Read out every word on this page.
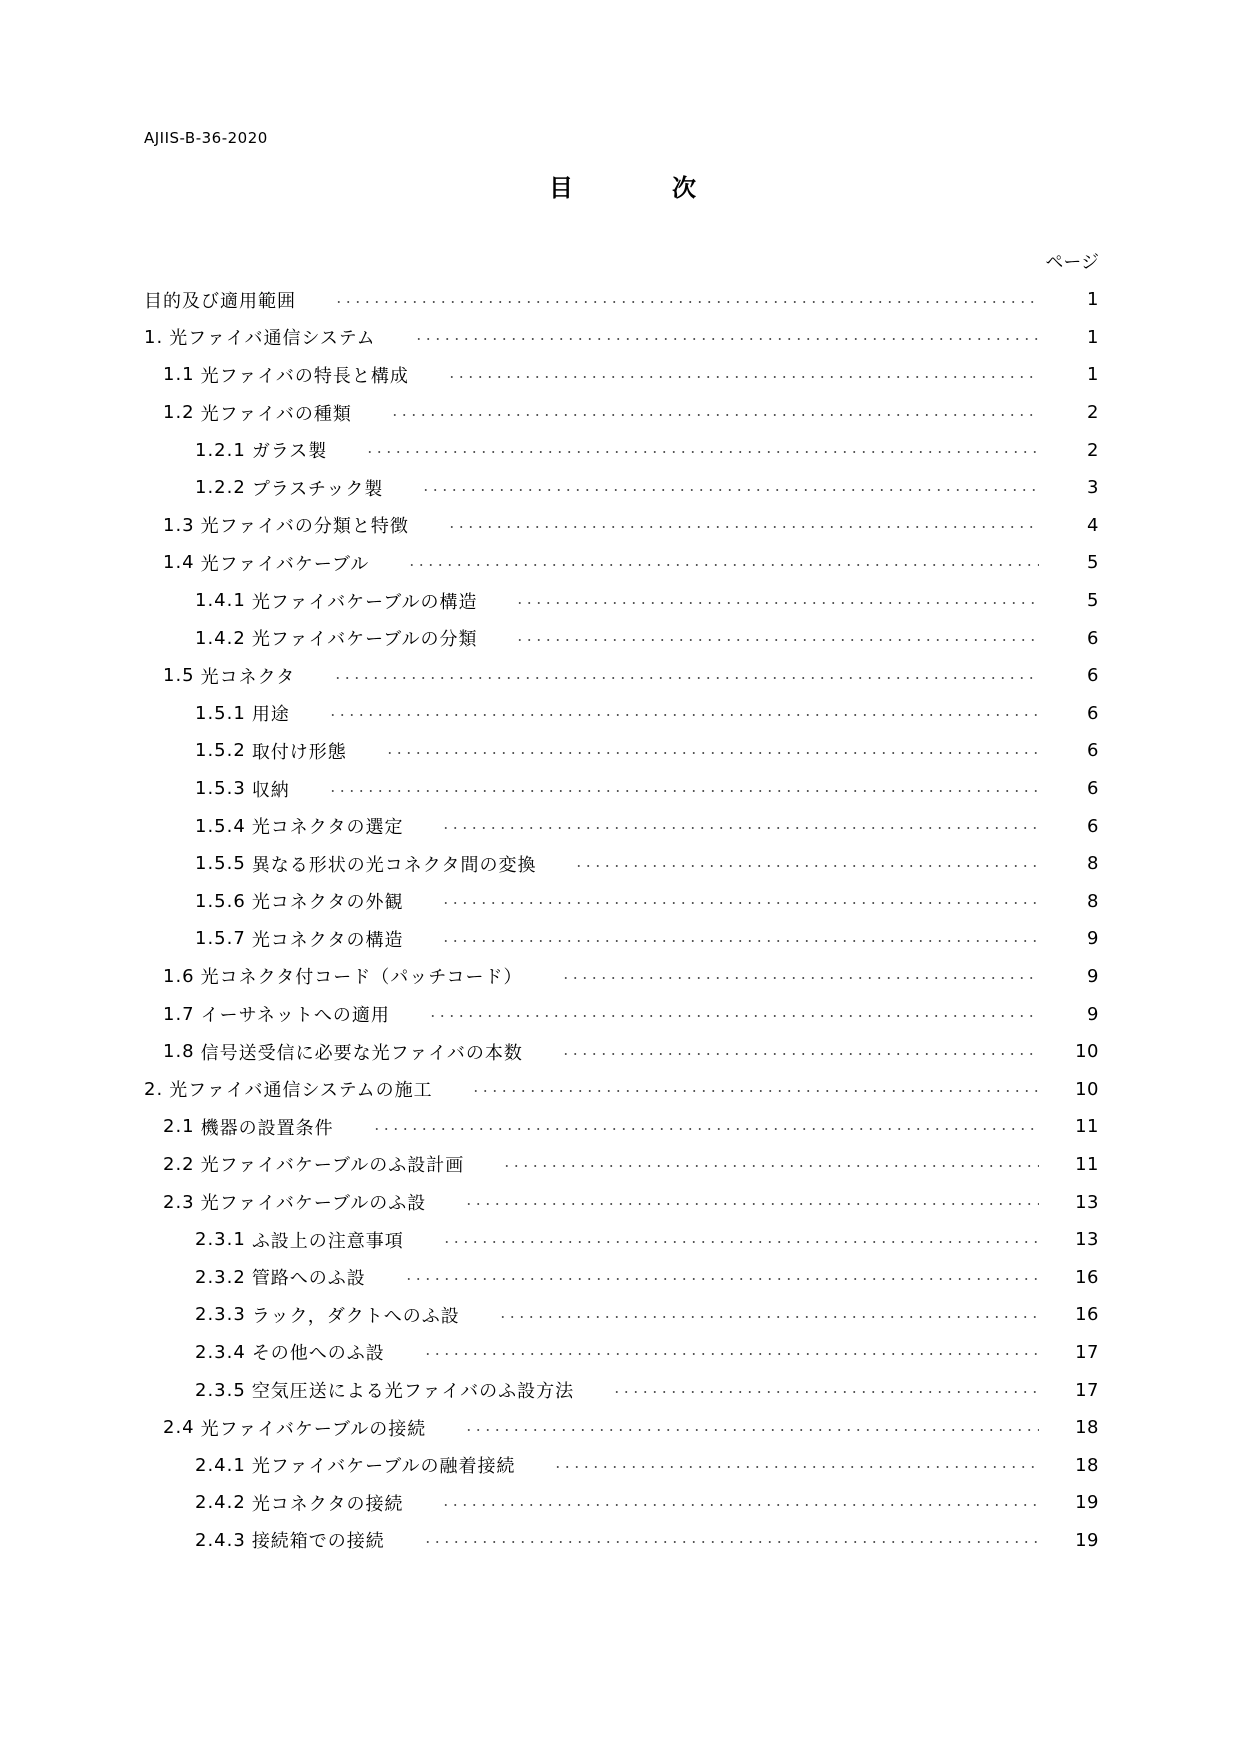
AJIIS-B-36-2020
目	次
ページ
目的及び適用範囲	1
1. 光ファイバ通信システム	1
1.1 光ファイバの特長と構成	1
1.2 光ファイバの種類	2
1.2.1 ガラス製	2
1.2.2 プラスチック製	3
1.3 光ファイバの分類と特徴	4
1.4 光ファイバケーブル	5
1.4.1 光ファイバケーブルの構造	5
1.4.2 光ファイバケーブルの分類	6
1.5 光コネクタ	6
1.5.1 用途	6
1.5.2 取付け形態	6
1.5.3 収納	6
1.5.4 光コネクタの選定	6
1.5.5 異なる形状の光コネクタ間の変換	8
1.5.6 光コネクタの外観	8
1.5.7 光コネクタの構造	9
1.6 光コネクタ付コード（パッチコード）	9
1.7 イーサネットへの適用	9
1.8 信号送受信に必要な光ファイバの本数	10
2. 光ファイバ通信システムの施工	10
2.1 機器の設置条件	11
2.2 光ファイバケーブルのふ設計画	11
2.3 光ファイバケーブルのふ設	13
2.3.1 ふ設上の注意事項	13
2.3.2 管路へのふ設	16
2.3.3 ラック，ダクトへのふ設	16
2.3.4 その他へのふ設	17
2.3.5 空気圧送による光ファイバのふ設方法	17
2.4 光ファイバケーブルの接続	18
2.4.1 光ファイバケーブルの融着接続	18
2.4.2 光コネクタの接続	19
2.4.3 接続箱での接続	19
